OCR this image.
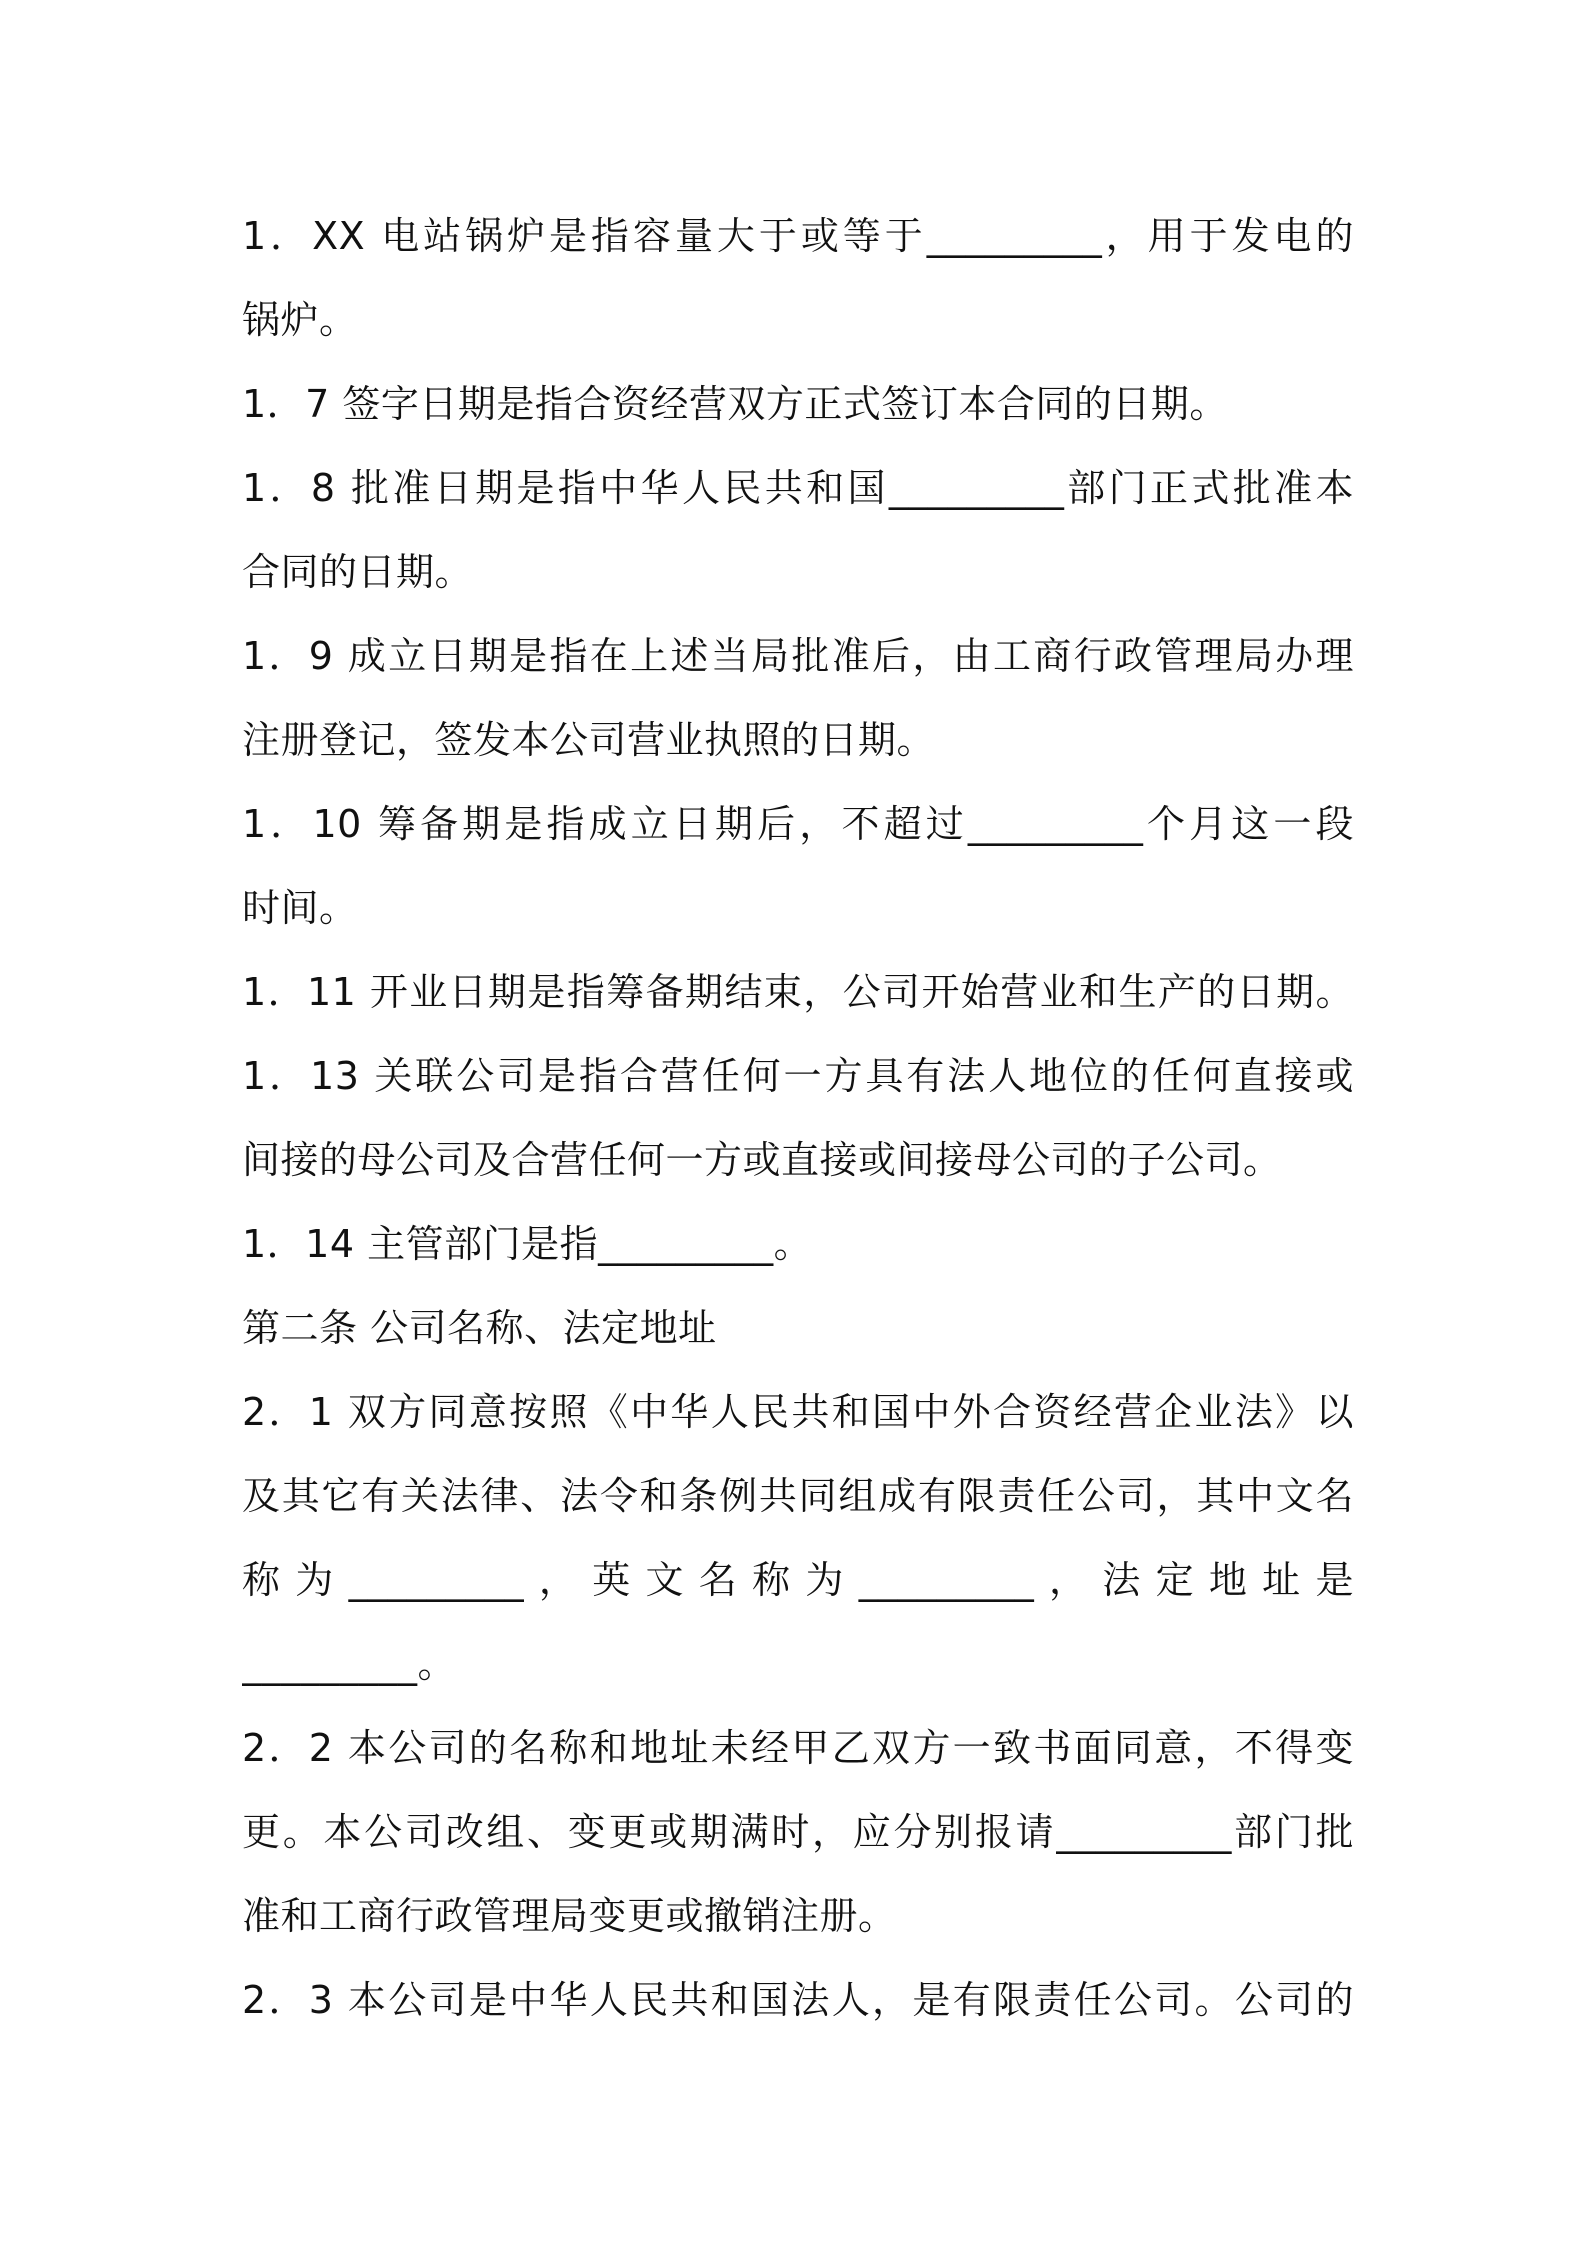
1．XX 电站锅炉是指容量大于或等于_________，用于发电的
锅炉。
1．7 签字日期是指合资经营双方正式签订本合同的日期。
1．8 批准日期是指中华人民共和国_________部门正式批准本
合同的日期。
1．9 成立日期是指在上述当局批准后，由工商行政管理局办理
注册登记，签发本公司营业执照的日期。
1．10 筹备期是指成立日期后，不超过_________个月这一段
时间。
1．11 开业日期是指筹备期结束，公司开始营业和生产的日期。
1．13 关联公司是指合营任何一方具有法人地位的任何直接或
间接的母公司及合营任何一方或直接或间接母公司的子公司。
1．14 主管部门是指_________。
第二条 公司名称、法定地址
2．1 双方同意按照《中华人民共和国中外合资经营企业法》以
及其它有关法律、法令和条例共同组成有限责任公司，其中文名
称为_________，英文名称为_________，法定地址是
_________。
2．2 本公司的名称和地址未经甲乙双方一致书面同意，不得变
更。本公司改组、变更或期满时，应分别报请_________部门批
准和工商行政管理局变更或撤销注册。
2．3 本公司是中华人民共和国法人，是有限责任公司。公司的
